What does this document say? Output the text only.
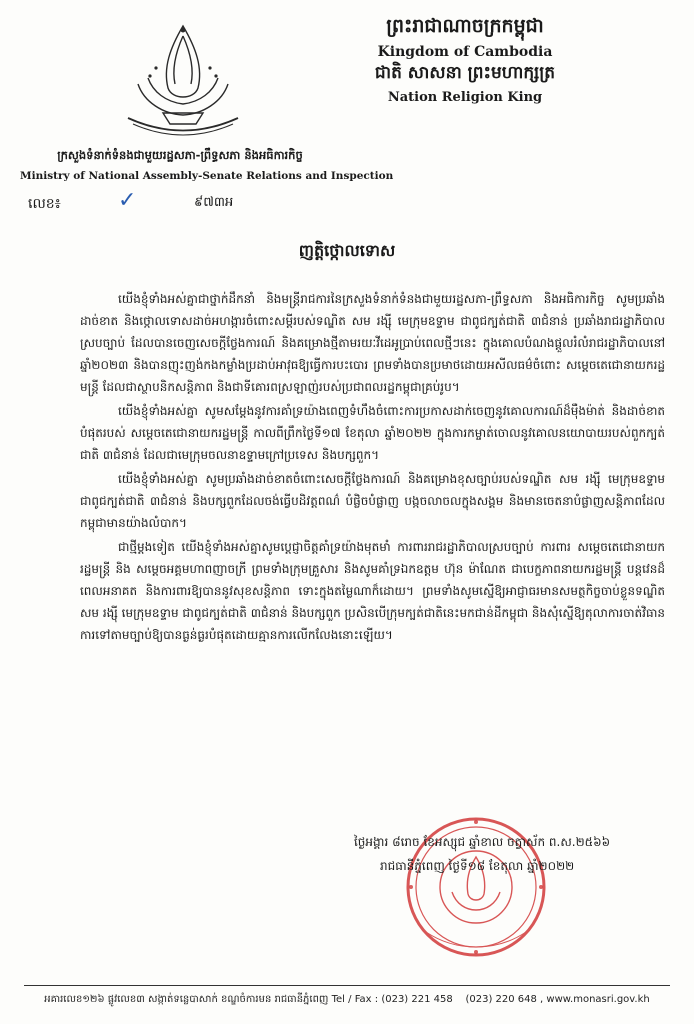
ព្រះរាជាណាចក្រកម្ពុជា
Kingdom of Cambodia
ជាតិ សាសនា ព្រះមហាក្សត្រ
Nation Religion King
ក្រសួងទំនាក់ទំនងជាមួយរដ្ឋសភា-ព្រឹទ្ធសភា និងអធិការកិច្ច
Ministry of National Assembly-Senate Relations and Inspection
លេខ៖	✓	៩៧៣អ
ញត្តិថ្កោលទោស

យើងខ្ញុំទាំងអស់គ្នាជាថ្នាក់ដឹកនាំ និងមន្ត្រីរាជការនៃក្រសួងទំនាក់ទំនងជាមួយរដ្ឋសភា-ព្រឹទ្ធសភា និងអធិការកិច្ច សូមប្រឆាំងដាច់ខាត និងថ្កោលទោសដាច់អហង្ការចំពោះសម្តីរបស់ទណ្ឌិត សម រង្ស៊ី មេក្រុមឧទ្ទាម ជាពូជក្បត់ជាតិ ៣ជំនាន់ ប្រឆាំងរាជរដ្ឋាភិបាលស្របច្បាប់ ដែលបានចេញសេចក្តីថ្លែងការណ៍ និងគម្រោងថ្មីតាមរយៈវីដេអូប្រាប់ពេលថ្មីៗនេះ ក្នុងគោលបំណងផ្តួលរំលំរាជរដ្ឋាភិបាលនៅឆ្នាំ២០២៣ និងបានញុះញង់កងកម្លាំងប្រដាប់អាវុធឱ្យធ្វើការបះបោរ ព្រមទាំងបានប្រមាថដោយអសីលធម៌ចំពោះ សម្តេចតេជោនាយករដ្ឋមន្ត្រី ដែលជាស្ថាបនិកសន្តិភាព និងជាទីគោរពស្រឡាញ់របស់ប្រជាពលរដ្ឋកម្ពុជាគ្រប់រូប។

យើងខ្ញុំទាំងអស់គ្នា សូមសម្តែងនូវការគាំទ្រយ៉ាងពេញទំហឹងចំពោះការប្រកាសដាក់ចេញនូវគោលការណ៍ដ៏មុឺងម៉ាត់ និងដាច់ខាតបំផុតរបស់ សម្តេចតេជោនាយករដ្ឋមន្ត្រី កាលពីព្រឹកថ្ងៃទី១៧ ខែតុលា ឆ្នាំ២០២២ ក្នុងការកម្ចាត់ចោលនូវគោលនយោបាយរបស់ពួកក្បត់ជាតិ ៣ជំនាន់ ដែលជាមេក្រុមចលនាឧទ្ទាមក្រៅប្រទេស និងបក្សពួក។

យើងខ្ញុំទាំងអស់គ្នា សូមប្រឆាំងដាច់ខាតចំពោះសេចក្តីថ្លែងការណ៍ និងគម្រោងខុសច្បាប់របស់ទណ្ឌិត សម រង្ស៊ី មេក្រុមឧទ្ទាម ជាពូជក្បត់ជាតិ ៣ជំនាន់ និងបក្សពួកដែលចង់ធ្វើបដិវត្តពណ៌ បំផ្លិចបំផ្លាញ បង្កចលាចលក្នុងសង្គម និងមានចេតនាបំផ្លាញសន្តិភាពដែលកម្ពុជាមានយ៉ាងលំបាក។

ជាថ្មីម្តងទៀត យើងខ្ញុំទាំងអស់គ្នាសូមប្តេជ្ញាចិត្តគាំទ្រយ៉ាងមុតមាំ ការពាររាជរដ្ឋាភិបាលស្របច្បាប់ ការពារ សម្តេចតេជោនាយករដ្ឋមន្ត្រី និង សម្តេចអគ្គមហាពញាចក្រី ព្រមទាំងក្រុមគ្រួសារ និងសូមគាំទ្រឯកឧត្តម ហ៊ុន ម៉ាណែត ជាបេក្ខភាពនាយករដ្ឋមន្ត្រី បន្តវេនដ៏ពេលអនាគត និងការពារឱ្យបាននូវសុខសន្តិភាព ទោះក្នុងតម្លៃណាក៏ដោយ។ ព្រមទាំងសូមស្នើឱ្យអាជ្ញាធរមានសមត្ថកិច្ចចាប់ខ្លួនទណ្ឌិត សម រង្ស៊ី មេក្រុមឧទ្ទាម ជាពូជក្បត់ជាតិ ៣ជំនាន់ និងបក្សពួក ប្រសិនបើក្រុមក្បត់ជាតិនេះមកជាន់ដីកម្ពុជា និងសុំស្នើឱ្យតុលាការចាត់វិធានការទៅតាមច្បាប់ឱ្យបានធ្ងន់ធ្ងរបំផុតដោយគ្មានការលើកលែងនោះឡើយ។

ថ្ងៃអង្គារ ៨រោច ខែអស្សុជ ឆ្នាំខាល ចត្វាស័ក ព.ស.២៥៦៦
រាជធានីភ្នំពេញ ថ្ងៃទី១៨ ខែតុលា ឆ្នាំ២០២២
អគារលេខ១២៦ ផ្លូវលេខ៣ សង្កាត់ទន្លេបាសាក់ ខណ្ឌចំការមន រាជធានីភ្នំពេញ Tel / Fax : (023) 221 458 (023) 220 648 , www.monasri.gov.kh
